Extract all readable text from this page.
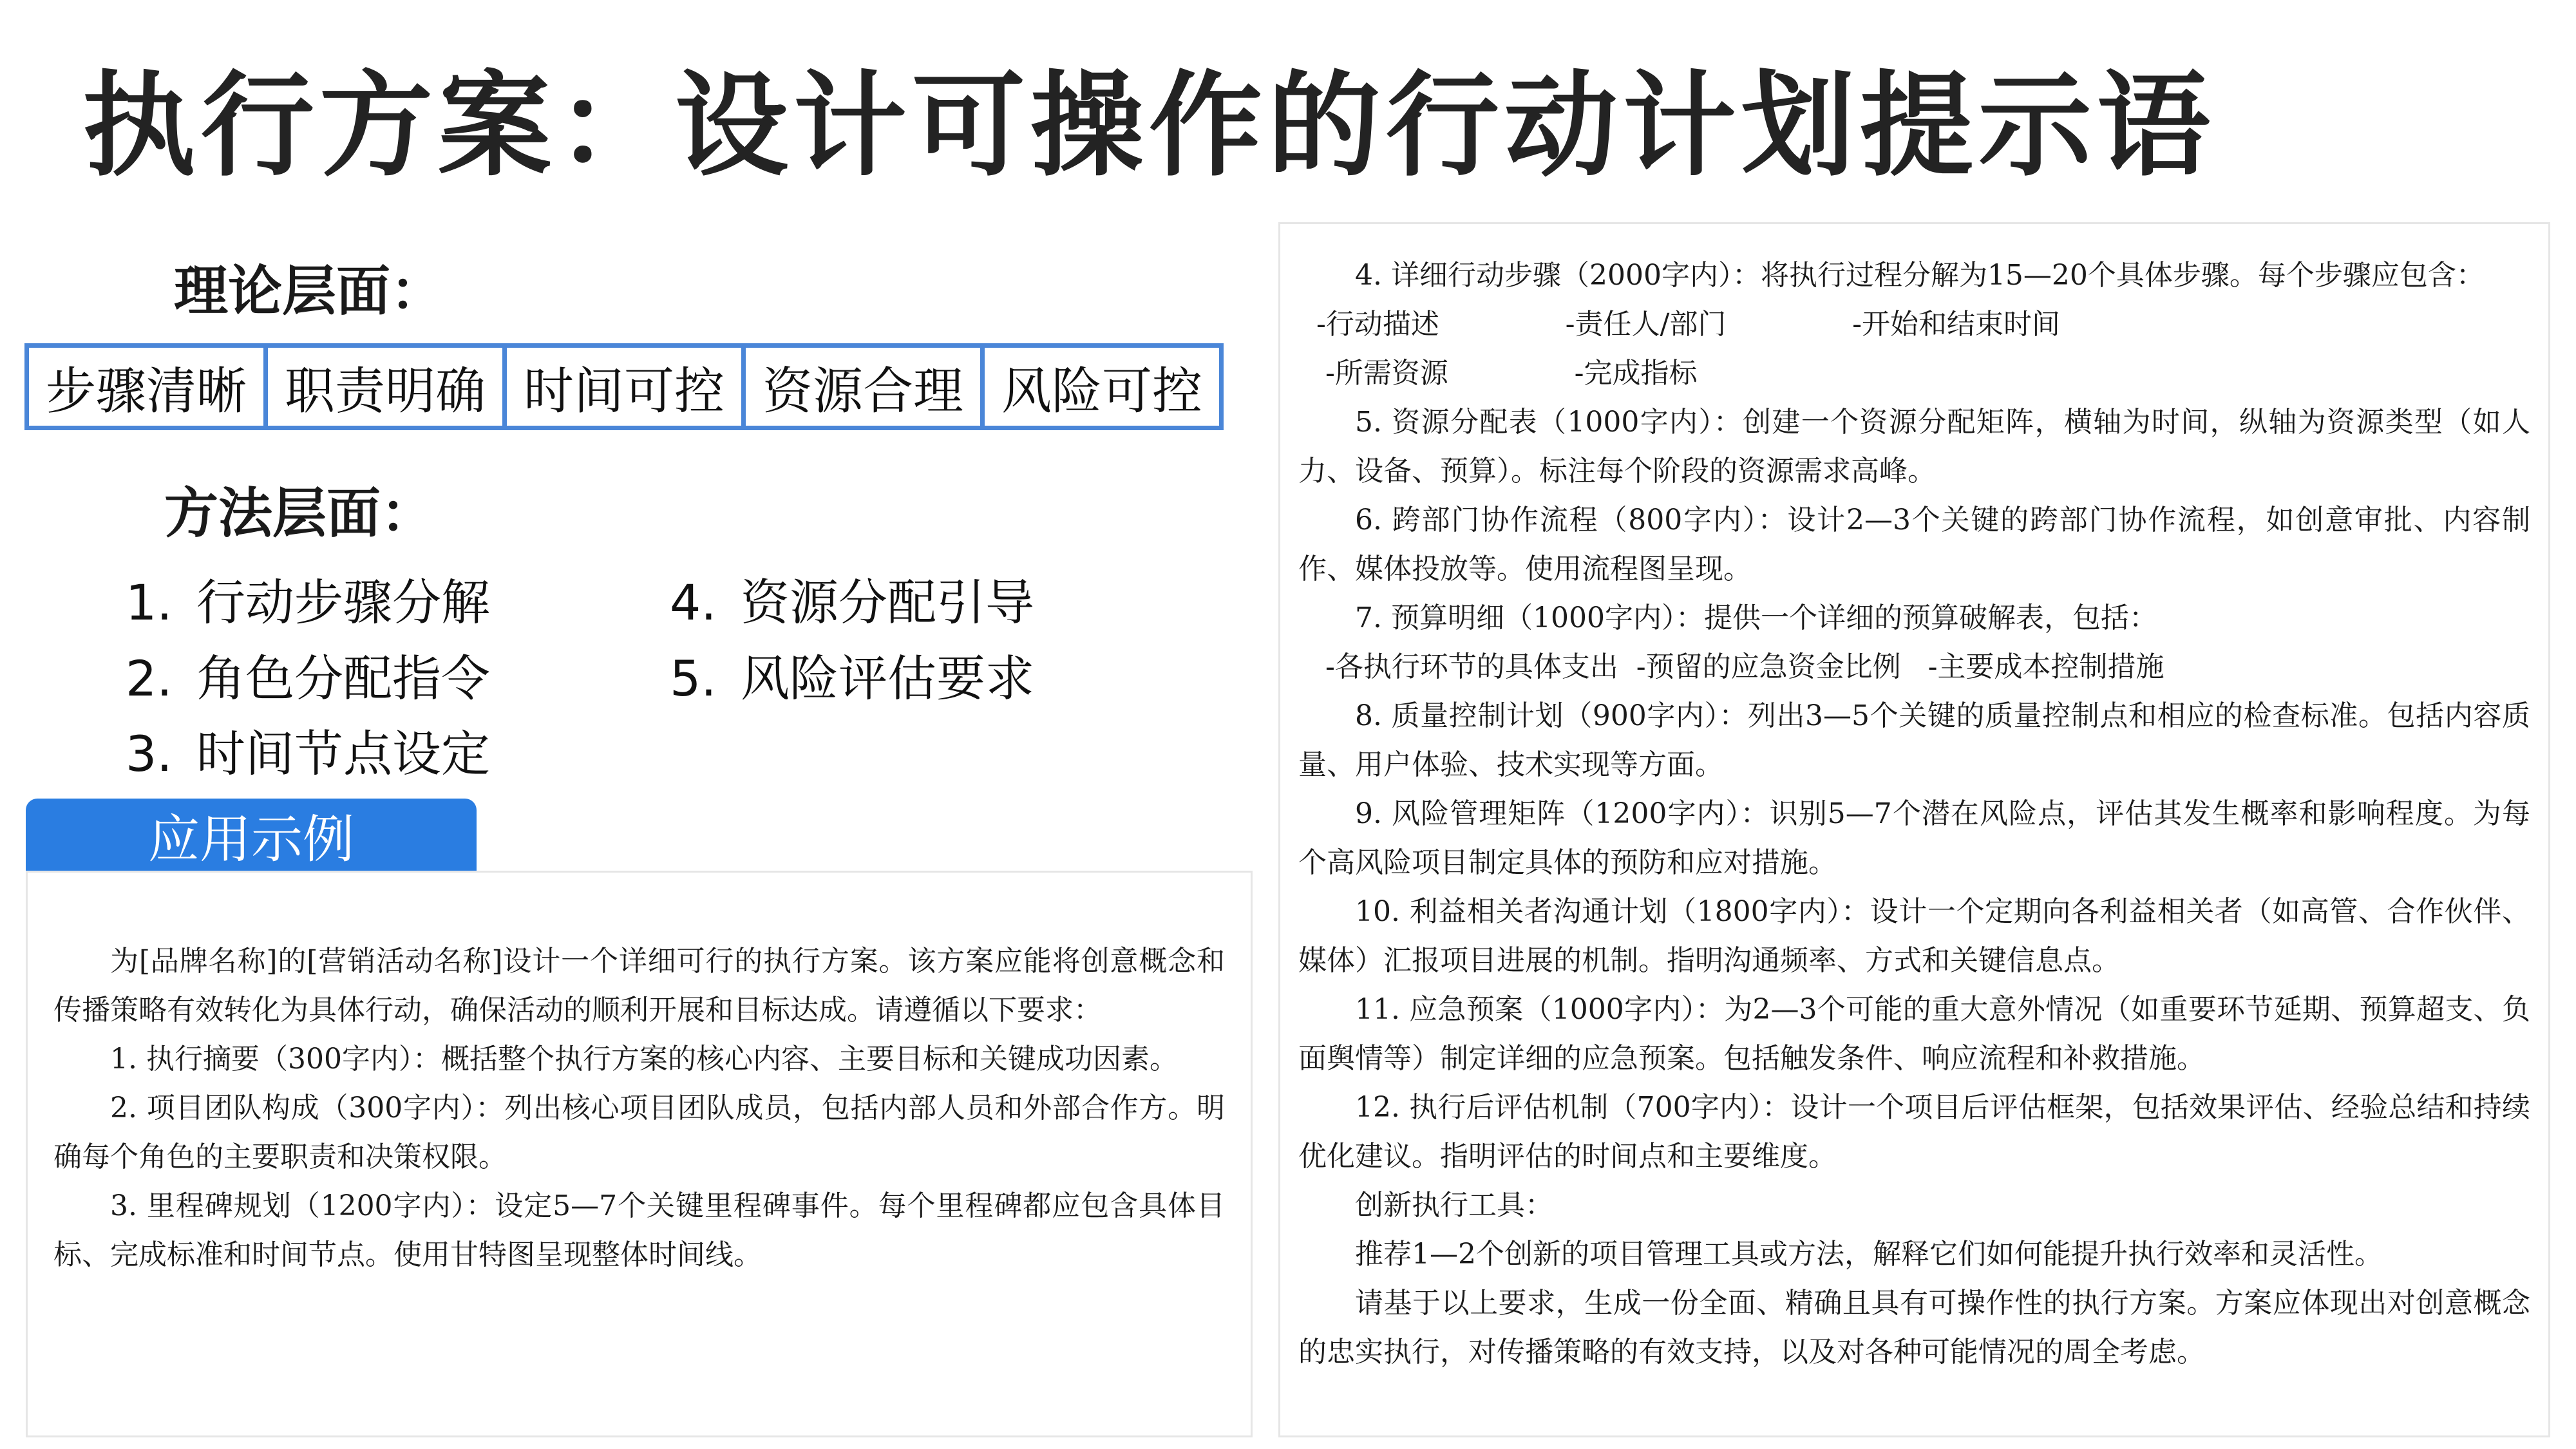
执行方案：设计可操作的行动计划提示语
理论层面：
步骤清晰 职责明确 时间可控 资源合理 风险可控
方法层面：
1. 行动步骤分解
2. 角色分配指令
3. 时间节点设定
4. 资源分配引导
5. 风险评估要求
应用示例

为[品牌名称]的[营销活动名称]设计一个详细可行的执行方案。该方案应能将创意概念和传播策略有效转化为具体行动，确保活动的顺利开展和目标达成。请遵循以下要求：

1. 执行摘要（300字内）：概括整个执行方案的核心内容、主要目标和关键成功因素。

2. 项目团队构成（300字内）：列出核心项目团队成员，包括内部人员和外部合作方。明确每个角色的主要职责和决策权限。

3. 里程碑规划（1200字内）：设定5—7个关键里程碑事件。每个里程碑都应包含具体目标、完成标准和时间节点。使用甘特图呈现整体时间线。

4. 详细行动步骤（2000字内）：将执行过程分解为15—20个具体步骤。每个步骤应包含：

-行动描述              -责任人/部门              -开始和结束时间

-所需资源              -完成指标

5. 资源分配表（1000字内）：创建一个资源分配矩阵，横轴为时间，纵轴为资源类型（如人力、设备、预算）。标注每个阶段的资源需求高峰。

6. 跨部门协作流程（800字内）：设计2—3个关键的跨部门协作流程，如创意审批、内容制作、媒体投放等。使用流程图呈现。

7. 预算明细（1000字内）：提供一个详细的预算破解表，包括：

-各执行环节的具体支出  -预留的应急资金比例   -主要成本控制措施

8. 质量控制计划（900字内）：列出3—5个关键的质量控制点和相应的检查标准。包括内容质量、用户体验、技术实现等方面。

9. 风险管理矩阵（1200字内）：识别5—7个潜在风险点，评估其发生概率和影响程度。为每个高风险项目制定具体的预防和应对措施。

10. 利益相关者沟通计划（1800字内）：设计一个定期向各利益相关者（如高管、合作伙伴、媒体）汇报项目进展的机制。指明沟通频率、方式和关键信息点。

11. 应急预案（1000字内）：为2—3个可能的重大意外情况（如重要环节延期、预算超支、负面舆情等）制定详细的应急预案。包括触发条件、响应流程和补救措施。

12. 执行后评估机制（700字内）：设计一个项目后评估框架，包括效果评估、经验总结和持续优化建议。指明评估的时间点和主要维度。

创新执行工具：

推荐1—2个创新的项目管理工具或方法，解释它们如何能提升执行效率和灵活性。

请基于以上要求，生成一份全面、精确且具有可操作性的执行方案。方案应体现出对创意概念的忠实执行，对传播策略的有效支持，以及对各种可能情况的周全考虑。
